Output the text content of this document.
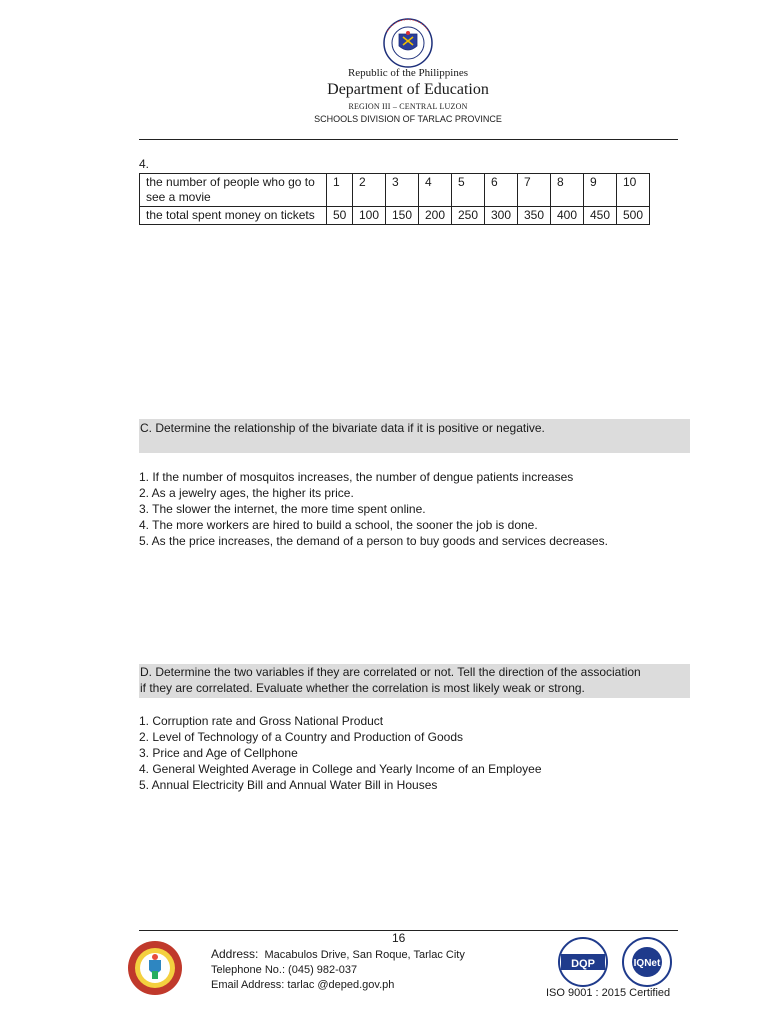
Republic of the Philippines
Department of Education
REGION III – CENTRAL LUZON
SCHOOLS DIVISION OF TARLAC PROVINCE
4.
the number of people who go to see a movie	1	2	3	4	5	6	7	8	9	10
the total spent money on tickets	50	100	150	200	250	300	350	400	450	500
C. Determine the relationship of the bivariate data if it is positive or negative.
1. If the number of mosquitos increases, the number of dengue patients increases
2. As a jewelry ages, the higher its price.
3. The slower the internet, the more time spent online.
4. The more workers are hired to build a school, the sooner the job is done.
5. As the price increases, the demand of a person to buy goods and services decreases.
D. Determine the two variables if they are correlated or not. Tell the direction of the association
if they are correlated. Evaluate whether the correlation is most likely weak or strong.
1. Corruption rate and Gross National Product
2. Level of Technology of a Country and Production of Goods
3. Price and Age of Cellphone
4. General Weighted Average in College and Yearly Income of an Employee
5. Annual Electricity Bill and Annual Water Bill in Houses
16
Address: Macabulos Drive, San Roque, Tarlac City
Telephone No.: (045) 982-037
Email Address: tarlac @deped.gov.ph
DQP	IQNet
ISO 9001 : 2015 Certified
